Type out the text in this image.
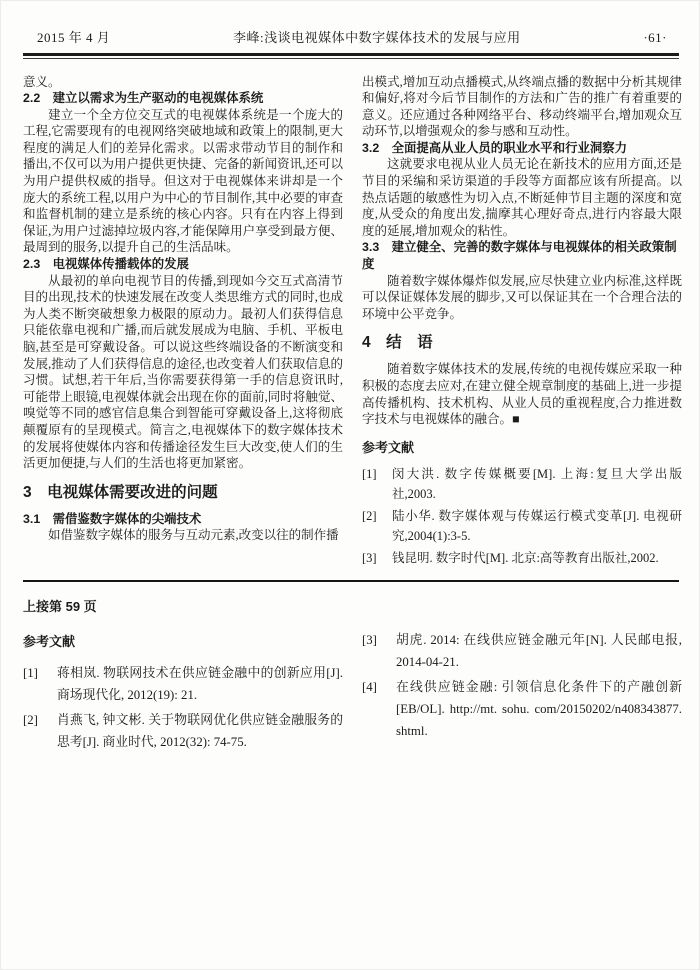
2015 年 4 月	李峰:浅谈电视媒体中数字媒体技术的发展与应用	·61·

意义。

2.2 建立以需求为生产驱动的电视媒体系统

建立一个全方位交互式的电视媒体系统是一个庞大的工程,它需要现有的电视网络突破地域和政策上的限制,更大程度的满足人们的差异化需求。以需求带动节目的制作和播出,不仅可以为用户提供更快捷、完备的新闻资讯,还可以为用户提供权威的指导。但这对于电视媒体来讲却是一个庞大的系统工程,以用户为中心的节目制作,其中必要的审查和监督机制的建立是系统的核心内容。只有在内容上得到保证,为用户过滤掉垃圾内容,才能保障用户享受到最方便、最周到的服务,以提升自己的生活品味。

2.3 电视媒体传播载体的发展

从最初的单向电视节目的传播,到现如今交互式高清节目的出现,技术的快速发展在改变人类思维方式的同时,也成为人类不断突破想象力极限的原动力。最初人们获得信息只能依靠电视和广播,而后就发展成为电脑、手机、平板电脑,甚至是可穿戴设备。可以说这些终端设备的不断演变和发展,推动了人们获得信息的途径,也改变着人们获取信息的习惯。试想,若干年后,当你需要获得第一手的信息资讯时,可能带上眼镜,电视媒体就会出现在你的面前,同时将触觉、嗅觉等不同的感官信息集合到智能可穿戴设备上,这将彻底颠覆原有的呈现模式。简言之,电视媒体下的数字媒体技术的发展将使媒体内容和传播途径发生巨大改变,使人们的生活更加便捷,与人们的生活也将更加紧密。

3 电视媒体需要改进的问题

3.1 需借鉴数字媒体的尖端技术

如借鉴数字媒体的服务与互动元素,改变以往的制作播

出模式,增加互动点播模式,从终端点播的数据中分析其规律和偏好,将对今后节目制作的方法和广告的推广有着重要的意义。还应通过各种网络平台、移动终端平台,增加观众互动环节,以增强观众的参与感和互动性。

3.2 全面提高从业人员的职业水平和行业洞察力

这就要求电视从业人员无论在新技术的应用方面,还是节目的采编和采访渠道的手段等方面都应该有所提高。以热点话题的敏感性为切入点,不断延伸节目主题的深度和宽度,从受众的角度出发,揣摩其心理好奇点,进行内容最大限度的延展,增加观众的粘性。

3.3 建立健全、完善的数字媒体与电视媒体的相关政策制度

随着数字媒体爆炸似发展,应尽快建立业内标准,这样既可以保证媒体发展的脚步,又可以保证其在一个合理合法的环境中公平竞争。

4 结 语

随着数字媒体技术的发展,传统的电视传媒应采取一种积极的态度去应对,在建立健全规章制度的基础上,进一步提高传播机构、技术机构、从业人员的重视程度,合力推进数字技术与电视媒体的融合。■

参考文献

[1]	闵大洪. 数字传媒概要[M]. 上海:复旦大学出版社,2003.
[2]	陆小华. 数字媒体观与传媒运行模式变革[J]. 电视研究,2004(1):3-5.
[3]	钱昆明. 数字时代[M]. 北京:高等教育出版社,2002.

上接第 59 页

参考文献

[1]	蒋相岚. 物联网技术在供应链金融中的创新应用[J]. 商场现代化, 2012(19): 21.
[2]	肖燕飞, 钟文彬. 关于物联网优化供应链金融服务的思考[J]. 商业时代, 2012(32): 74-75.
[3]	胡虎. 2014: 在线供应链金融元年[N]. 人民邮电报, 2014-04-21.
[4]	在线供应链金融: 引领信息化条件下的产融创新 [EB/OL]. http://mt. sohu. com/20150202/n408343877. shtml.
